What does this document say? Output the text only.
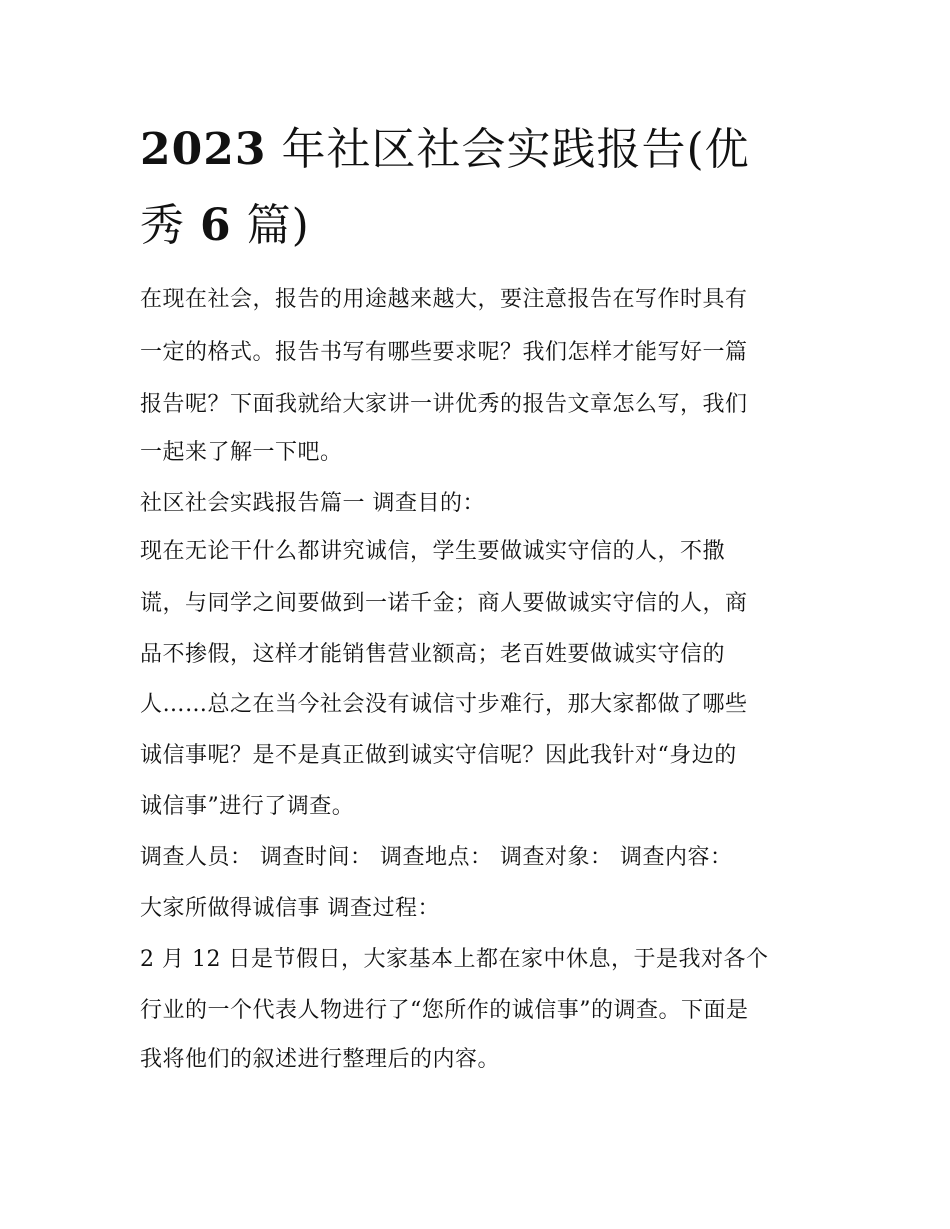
2023 年社区社会实践报告(优
秀 6 篇)

在现在社会，报告的用途越来越大，要注意报告在写作时具有

一定的格式。报告书写有哪些要求呢？我们怎样才能写好一篇

报告呢？下面我就给大家讲一讲优秀的报告文章怎么写，我们

一起来了解一下吧。

社区社会实践报告篇一 调查目的：

现在无论干什么都讲究诚信，学生要做诚实守信的人，不撒

谎，与同学之间要做到一诺千金；商人要做诚实守信的人，商

品不掺假，这样才能销售营业额高；老百姓要做诚实守信的

人……总之在当今社会没有诚信寸步难行，那大家都做了哪些

诚信事呢？是不是真正做到诚实守信呢？因此我针对“身边的

诚信事”进行了调查。

调查人员： 调查时间： 调查地点： 调查对象： 调查内容：

大家所做得诚信事 调查过程：

2 月 12 日是节假日，大家基本上都在家中休息，于是我对各个

行业的一个代表人物进行了“您所作的诚信事”的调查。下面是

我将他们的叙述进行整理后的内容。
